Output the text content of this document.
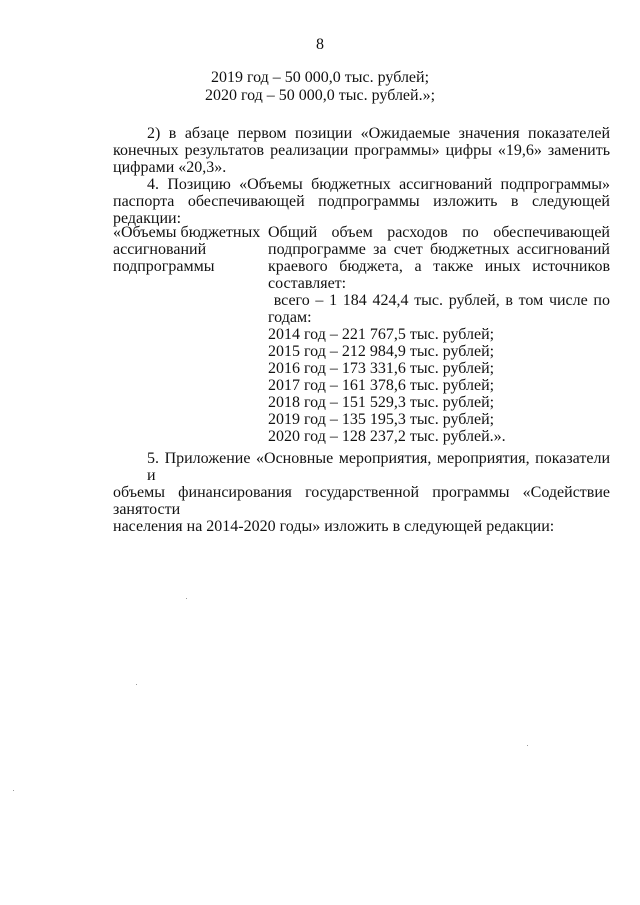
8
2019 год – 50 000,0 тыс. рублей;
2020 год – 50 000,0 тыс. рублей.»;
2) в абзаце первом позиции «Ожидаемые значения показателей
конечных результатов реализации программы» цифры «19,6» заменить
цифрами «20,3».
4. Позицию «Объемы бюджетных ассигнований подпрограммы»
паспорта обеспечивающей подпрограммы изложить в следующей редакции:
«Объемы бюджетных
ассигнований
подпрограммы
Общий объем расходов по обеспечивающей
подпрограмме за счет бюджетных ассигнований
краевого бюджета, а также иных источников
составляет:
всего – 1 184 424,4 тыс. рублей, в том числе по
годам:
2014 год – 221 767,5 тыс. рублей;
2015 год – 212 984,9 тыс. рублей;
2016 год – 173 331,6 тыс. рублей;
2017 год – 161 378,6 тыс. рублей;
2018 год – 151 529,3 тыс. рублей;
2019 год – 135 195,3 тыс. рублей;
2020 год – 128 237,2 тыс. рублей.».
5. Приложение «Основные мероприятия, мероприятия, показатели и
объемы финансирования государственной программы «Содействие занятости
населения на 2014-2020 годы» изложить в следующей редакции:
